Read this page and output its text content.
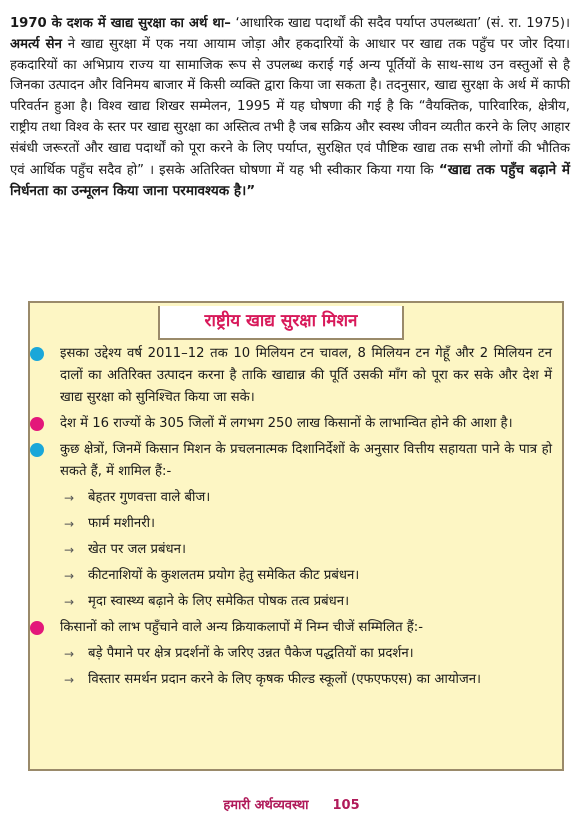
1970 के दशक में खाद्य सुरक्षा का अर्थ था– ‘आधारिक खाद्य पदार्थों की सदैव पर्याप्त उपलब्धता’ (सं. रा. 1975)। अमर्त्य सेन ने खाद्य सुरक्षा में एक नया आयाम जोड़ा और हकदारियों के आधार पर खाद्य तक पहुँच पर जोर दिया। हकदारियों का अभिप्राय राज्य या सामाजिक रूप से उपलब्ध कराई गई अन्य पूर्तियों के साथ-साथ उन वस्तुओं से है जिनका उत्पादन और विनिमय बाजार में किसी व्यक्ति द्वारा किया जा सकता है। तदनुसार, खाद्य सुरक्षा के अर्थ में काफी परिवर्तन हुआ है। विश्व खाद्य शिखर सम्मेलन, 1995 में यह घोषणा की गई है कि “वैयक्तिक, पारिवारिक, क्षेत्रीय, राष्ट्रीय तथा विश्व के स्तर पर खाद्य सुरक्षा का अस्तित्व तभी है जब सक्रिय और स्वस्थ जीवन व्यतीत करने के लिए आहार संबंधी जरूरतों और खाद्य पदार्थों को पूरा करने के लिए पर्याप्त, सुरक्षित एवं पौष्टिक खाद्य तक सभी लोगों की भौतिक एवं आर्थिक पहुँच सदैव हो” । इसके अतिरिक्त घोषणा में यह भी स्वीकार किया गया कि “खाद्य तक पहुँच बढ़ाने में निर्धनता का उन्मूलन किया जाना परमावश्यक है।”
राष्ट्रीय खाद्य सुरक्षा मिशन
इसका उद्देश्य वर्ष 2011–12 तक 10 मिलियन टन चावल, 8 मिलियन टन गेहूँ और 2 मिलियन टन दालों का अतिरिक्त उत्पादन करना है ताकि खाद्यान्न की पूर्ति उसकी माँग को पूरा कर सके और देश में खाद्य सुरक्षा को सुनिश्चित किया जा सके।
देश में 16 राज्यों के 305 जिलों में लगभग 250 लाख किसानों के लाभान्वित होने की आशा है।
कुछ क्षेत्रों, जिनमें किसान मिशन के प्रचलनात्मक दिशानिर्देशों के अनुसार वित्तीय सहायता पाने के पात्र हो सकते हैं, में शामिल हैं:-
→ बेहतर गुणवत्ता वाले बीज।
→ फार्म मशीनरी।
→ खेत पर जल प्रबंधन।
→ कीटनाशियों के कुशलतम प्रयोग हेतु समेकित कीट प्रबंधन।
→ मृदा स्वास्थ्य बढ़ाने के लिए समेकित पोषक तत्व प्रबंधन।
किसानों को लाभ पहुँचाने वाले अन्य क्रियाकलापों में निम्न चीजें सम्मिलित हैं:-
→ बड़े पैमाने पर क्षेत्र प्रदर्शनों के जरिए उन्नत पैकेज पद्धतियों का प्रदर्शन।
→ विस्तार समर्थन प्रदान करने के लिए कृषक फील्ड स्कूलों (एफएफएस) का आयोजन।
हमारी अर्थव्यवस्था 105
